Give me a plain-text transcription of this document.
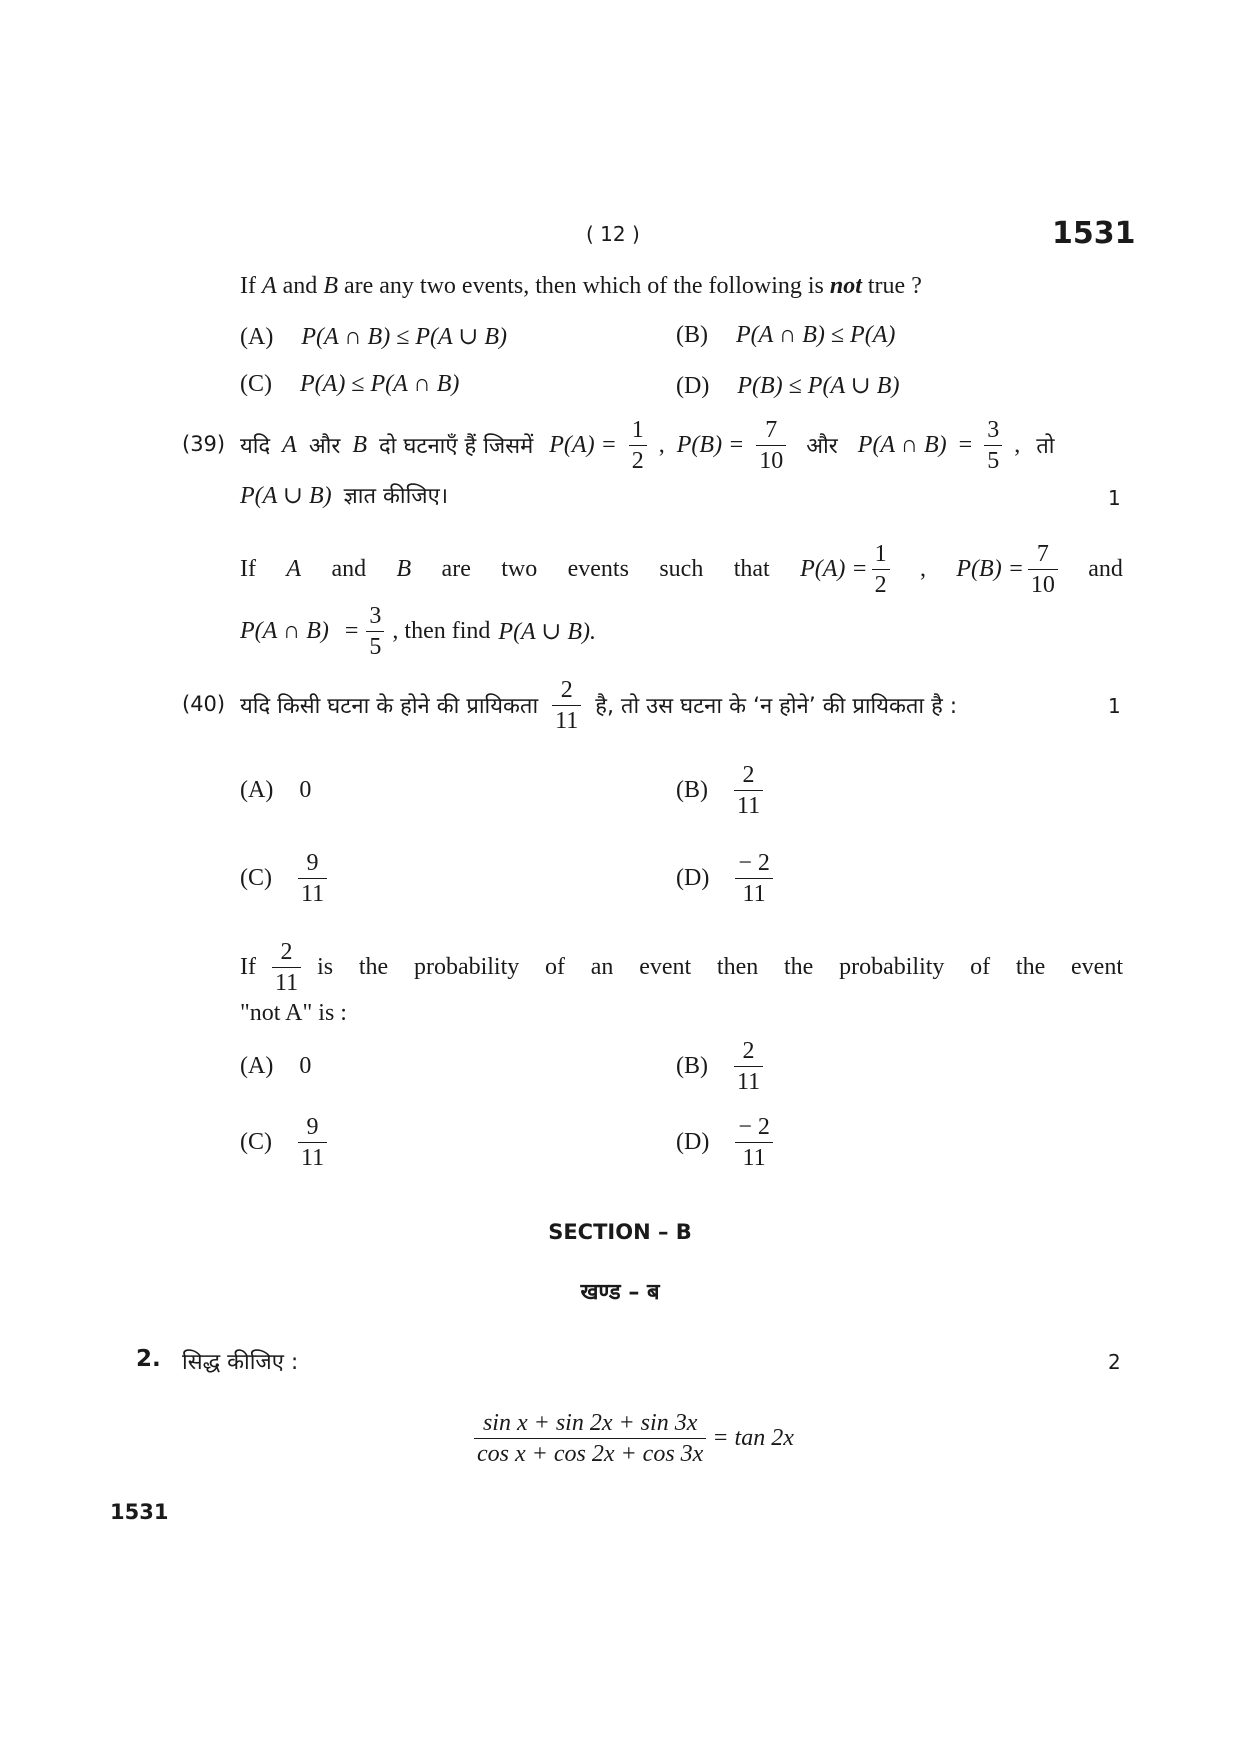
( 12 )	1531
If A and B are any two events, then which of the following is not true ?
(A) P(A ∩ B) ≤ P(A ∪ B)	(B) P(A ∩ B) ≤ P(A)
(C) P(A) ≤ P(A ∩ B)	(D) P(B) ≤ P(A ∪ B)
(39) यदि A और B दो घटनाएँ हैं जिसमें $P(A) = \frac{1}{2}$ , $P(B) = \frac{7}{10}$ और P(A ∩ $B) = \frac{3}{5}$ , तो
P(A ∪ B) ज्ञात कीजिए।	1
If A and B are two events such that $P(A) = \frac{1}{2}$ , $P(B) = \frac{7}{10}$ and
P(A ∩ $B) = \frac{3}{5}$ , then find P(A ∪ B).
(40) यदि किसी घटना के होने की प्रायिकता $\frac{2}{11}$ है, तो उस घटना के ‘न होने’ की प्रायिकता है :	1
(A) 0	$(B) \frac{2}{11}$
$(C) \frac{9}{11}$	$(D) \frac{- 2}{11}$
If $\frac{2}{11}$ is the probability of an event then the probability of the event
"not A" is :
(A) 0	$(B) \frac{2}{11}$
$(C) \frac{9}{11}$	$(D) \frac{- 2}{11}$
SECTION – B
खण्ड – ब
2. सिद्ध कीजिए :	2
$\frac{\text{sin x + sin 2x + sin 3x}}{\text{cos x + cos 2x + cos 3x}} = \tan 2x$
1531
